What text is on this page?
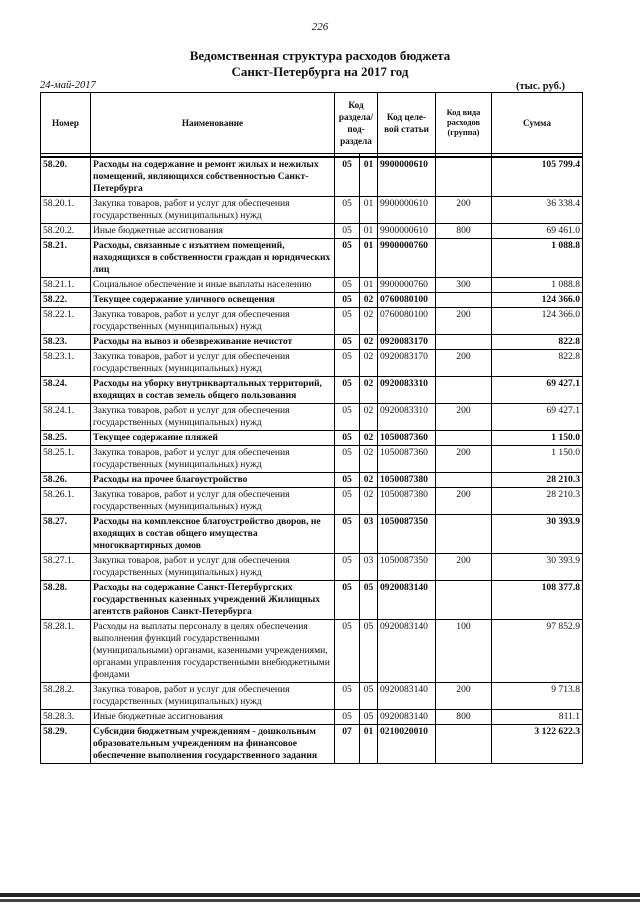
226
Ведомственная структура расходов бюджета
Санкт-Петербурга на 2017 год
24-май-2017	(тыс. руб.)
Номер	Наименование	Код раздела/ под-раздела		Код целе-вой статьи	Код вида расходов (группа)	Сумма

58.20.	Расходы на содержание и ремонт жилых и нежилых помещений, являющихся собственностью Санкт-Петербурга	05	01	9900000610		105 799.4
58.20.1.	Закупка товаров, работ и услуг для обеспечения государственных (муниципальных) нужд	05	01	9900000610	200	36 338.4
58.20.2.	Иные бюджетные ассигнования	05	01	9900000610	800	69 461.0
58.21.	Расходы, связанные с изъятием помещений, находящихся в собственности граждан и юридических лиц	05	01	9900000760		1 088.8
58.21.1.	Социальное обеспечение и иные выплаты населению	05	01	9900000760	300	1 088.8
58.22.	Текущее содержание уличного освещения	05	02	0760080100		124 366.0
58.22.1.	Закупка товаров, работ и услуг для обеспечения государственных (муниципальных) нужд	05	02	0760080100	200	124 366.0
58.23.	Расходы на вывоз и обезвреживание нечистот	05	02	0920083170		822.8
58.23.1.	Закупка товаров, работ и услуг для обеспечения государственных (муниципальных) нужд	05	02	0920083170	200	822.8
58.24.	Расходы на уборку внутриквартальных территорий, входящих в состав земель общего пользования	05	02	0920083310		69 427.1
58.24.1.	Закупка товаров, работ и услуг для обеспечения государственных (муниципальных) нужд	05	02	0920083310	200	69 427.1
58.25.	Текущее содержание пляжей	05	02	1050087360		1 150.0
58.25.1.	Закупка товаров, работ и услуг для обеспечения государственных (муниципальных) нужд	05	02	1050087360	200	1 150.0
58.26.	Расходы на прочее благоустройство	05	02	1050087380		28 210.3
58.26.1.	Закупка товаров, работ и услуг для обеспечения государственных (муниципальных) нужд	05	02	1050087380	200	28 210.3
58.27.	Расходы на комплексное благоустройство дворов, не входящих в состав общего имущества многоквартирных домов	05	03	1050087350		30 393.9
58.27.1.	Закупка товаров, работ и услуг для обеспечения государственных (муниципальных) нужд	05	03	1050087350	200	30 393.9
58.28.	Расходы на содержание Санкт-Петербургских государственных казенных учреждений Жилищных агентств районов Санкт-Петербурга	05	05	0920083140		108 377.8
58.28.1.	Расходы на выплаты персоналу в целях обеспечения выполнения функций государственными (муниципальными) органами, казенными учреждениями, органами управления государственными внебюджетными фондами	05	05	0920083140	100	97 852.9
58.28.2.	Закупка товаров, работ и услуг для обеспечения государственных (муниципальных) нужд	05	05	0920083140	200	9 713.8
58.28.3.	Иные бюджетные ассигнования	05	05	0920083140	800	811.1
58.29.	Субсидии бюджетным учреждениям - дошкольным образовательным учреждениям на финансовое обеспечение выполнения государственного задания	07	01	0210020010		3 122 622.3
